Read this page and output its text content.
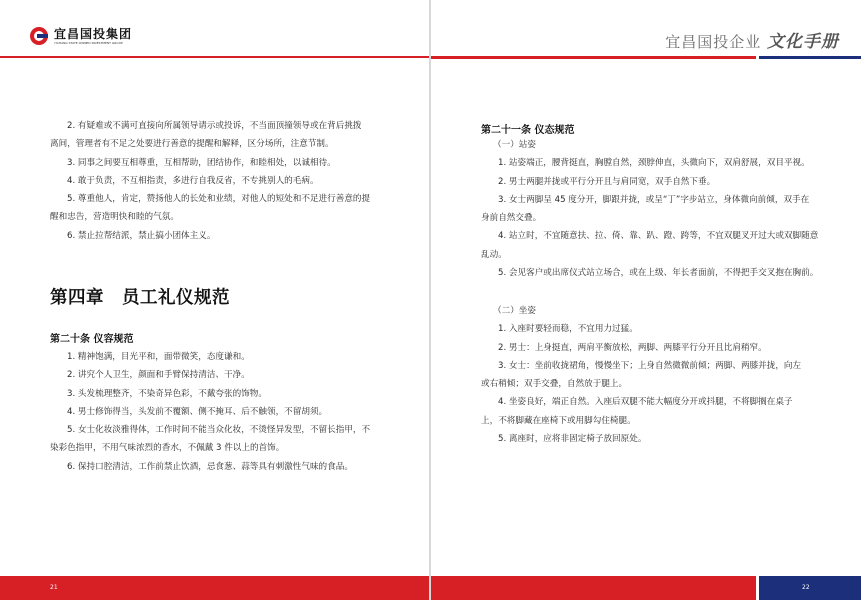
宜昌国投集团
YICHANG STATE-OWNED INVESTMENT GROUP

2. 有疑难或不满可直接向所属领导请示或投诉，不当面顶撞领导或在背后挑拨

离间，管理者有不足之处要进行善意的提醒和解释，区分场所，注意节制。

3. 同事之间要互相尊重，互相帮助，团结协作，和睦相处，以诚相待。

4. 敢于负责，不互相指责，多进行自我反省，不专挑别人的毛病。

5. 尊重他人，肯定，赞扬他人的长处和业绩，对他人的短处和不足进行善意的提

醒和忠告，营造明快和睦的气氛。

6. 禁止拉帮结派，禁止搞小团体主义。

第四章　员工礼仪规范
第二十条 仪容规范

1. 精神饱满，目光平和，面带微笑，态度谦和。

2. 讲究个人卫生，颜面和手臂保持清洁、干净。

3. 头发梳理整齐，不染奇异色彩，不戴夸张的饰物。

4. 男士修饰得当，头发前不覆额、侧不掩耳、后不触领，不留胡须。

5. 女士化妆淡雅得体，工作时间不能当众化妆，不烫怪异发型，不留长指甲，不

染彩色指甲，不用气味浓烈的香水，不佩戴 3 件以上的首饰。

6. 保持口腔清洁，工作前禁止饮酒，忌食葱、蒜等具有刺激性气味的食品。

21
宜昌国投企业 文化手册
第二十一条 仪态规范

（一）站姿

1. 站姿端正，腰背挺直，胸膛自然，颈脖伸直，头微向下，双肩舒展，双目平视。

2. 男士两腿并拢或平行分开且与肩同宽，双手自然下垂。

3. 女士两脚呈 45 度分开，脚跟并拢，或呈“丁”字步站立，身体微向前倾，双手在

身前自然交叠。

4. 站立时，不宜随意扶、拉、倚、靠、趴、蹬、跨等，不宜双腿叉开过大或双脚随意

乱动。

5. 会见客户或出席仪式站立场合，或在上级、年长者面前，不得把手交叉抱在胸前。

（二）坐姿

1. 入座时要轻而稳，不宜用力过猛。

2. 男士：上身挺直，两肩平衡放松，两脚、两膝平行分开且比肩稍窄。

3. 女士：坐前收拢裙角，慢慢坐下；上身自然微微前倾；两脚、两膝并拢，向左

或右稍倾；双手交叠，自然放于腿上。

4. 坐姿良好，端正自然。入座后双腿不能大幅度分开或抖腿，不将脚搁在桌子

上，不将脚藏在座椅下或用脚勾住椅腿。

5. 离座时，应将非固定椅子放回原处。

22
